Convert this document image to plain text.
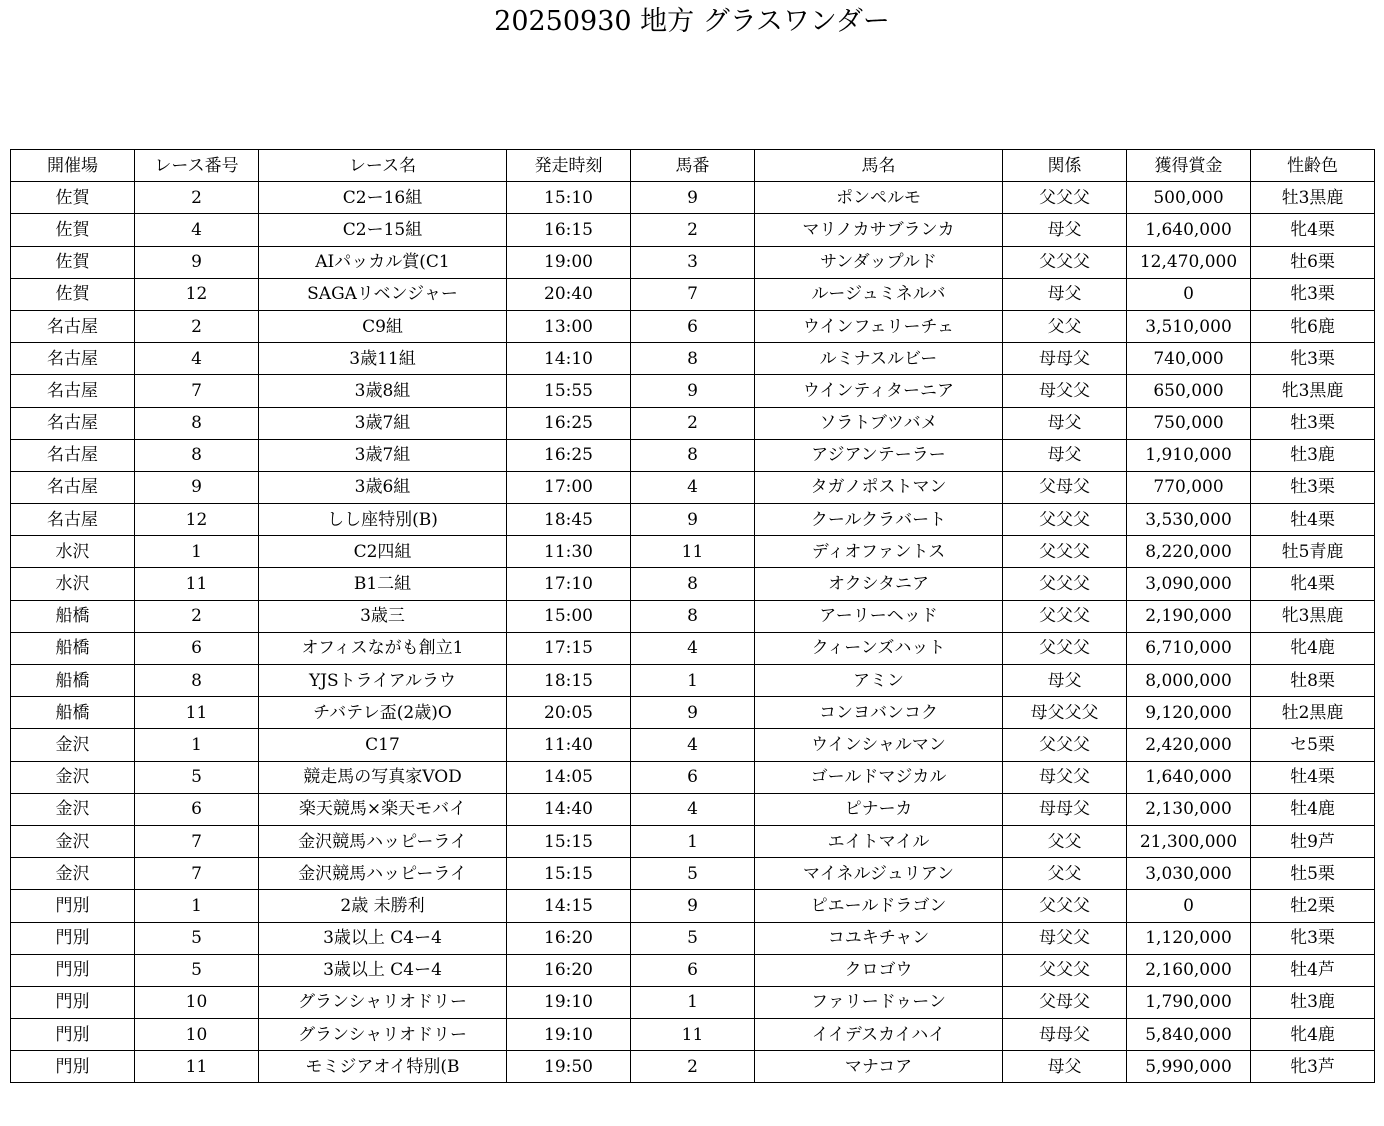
20250930 地方 グラスワンダー
開催場	レース番号	レース名	発走時刻	馬番	馬名	関係	獲得賞金	性齢色
佐賀	2	C2ー16組	15:10	9	ポンペルモ	父父父	500,000	牡3黒鹿
佐賀	4	C2ー15組	16:15	2	マリノカサブランカ	母父	1,640,000	牝4栗
佐賀	9	AIパッカル賞(C1	19:00	3	サンダップルド	父父父	12,470,000	牡6栗
佐賀	12	SAGAリベンジャー	20:40	7	ルージュミネルバ	母父	0	牝3栗
名古屋	2	C9組	13:00	6	ウインフェリーチェ	父父	3,510,000	牝6鹿
名古屋	4	3歳11組	14:10	8	ルミナスルビー	母母父	740,000	牝3栗
名古屋	7	3歳8組	15:55	9	ウインティターニア	母父父	650,000	牝3黒鹿
名古屋	8	3歳7組	16:25	2	ソラトブツバメ	母父	750,000	牡3栗
名古屋	8	3歳7組	16:25	8	アジアンテーラー	母父	1,910,000	牡3鹿
名古屋	9	3歳6組	17:00	4	タガノポストマン	父母父	770,000	牡3栗
名古屋	12	しし座特別(B)	18:45	9	クールクラバート	父父父	3,530,000	牡4栗
水沢	1	C2四組	11:30	11	ディオファントス	父父父	8,220,000	牡5青鹿
水沢	11	B1二組	17:10	8	オクシタニア	父父父	3,090,000	牝4栗
船橋	2	3歳三	15:00	8	アーリーヘッド	父父父	2,190,000	牝3黒鹿
船橋	6	オフィスながも創立1	17:15	4	クィーンズハット	父父父	6,710,000	牝4鹿
船橋	8	YJSトライアルラウ	18:15	1	アミン	母父	8,000,000	牡8栗
船橋	11	チバテレ盃(2歳)O	20:05	9	コンヨバンコク	母父父父	9,120,000	牡2黒鹿
金沢	1	C17	11:40	4	ウインシャルマン	父父父	2,420,000	セ5栗
金沢	5	競走馬の写真家VOD	14:05	6	ゴールドマジカル	母父父	1,640,000	牡4栗
金沢	6	楽天競馬×楽天モバイ	14:40	4	ピナーカ	母母父	2,130,000	牡4鹿
金沢	7	金沢競馬ハッピーライ	15:15	1	エイトマイル	父父	21,300,000	牡9芦
金沢	7	金沢競馬ハッピーライ	15:15	5	マイネルジュリアン	父父	3,030,000	牡5栗
門別	1	2歳 未勝利	14:15	9	ピエールドラゴン	父父父	0	牡2栗
門別	5	3歳以上 C4ー4	16:20	5	コユキチャン	母父父	1,120,000	牝3栗
門別	5	3歳以上 C4ー4	16:20	6	クロゴウ	父父父	2,160,000	牡4芦
門別	10	グランシャリオドリー	19:10	1	ファリードゥーン	父母父	1,790,000	牡3鹿
門別	10	グランシャリオドリー	19:10	11	イイデスカイハイ	母母父	5,840,000	牝4鹿
門別	11	モミジアオイ特別(B	19:50	2	マナコア	母父	5,990,000	牝3芦
